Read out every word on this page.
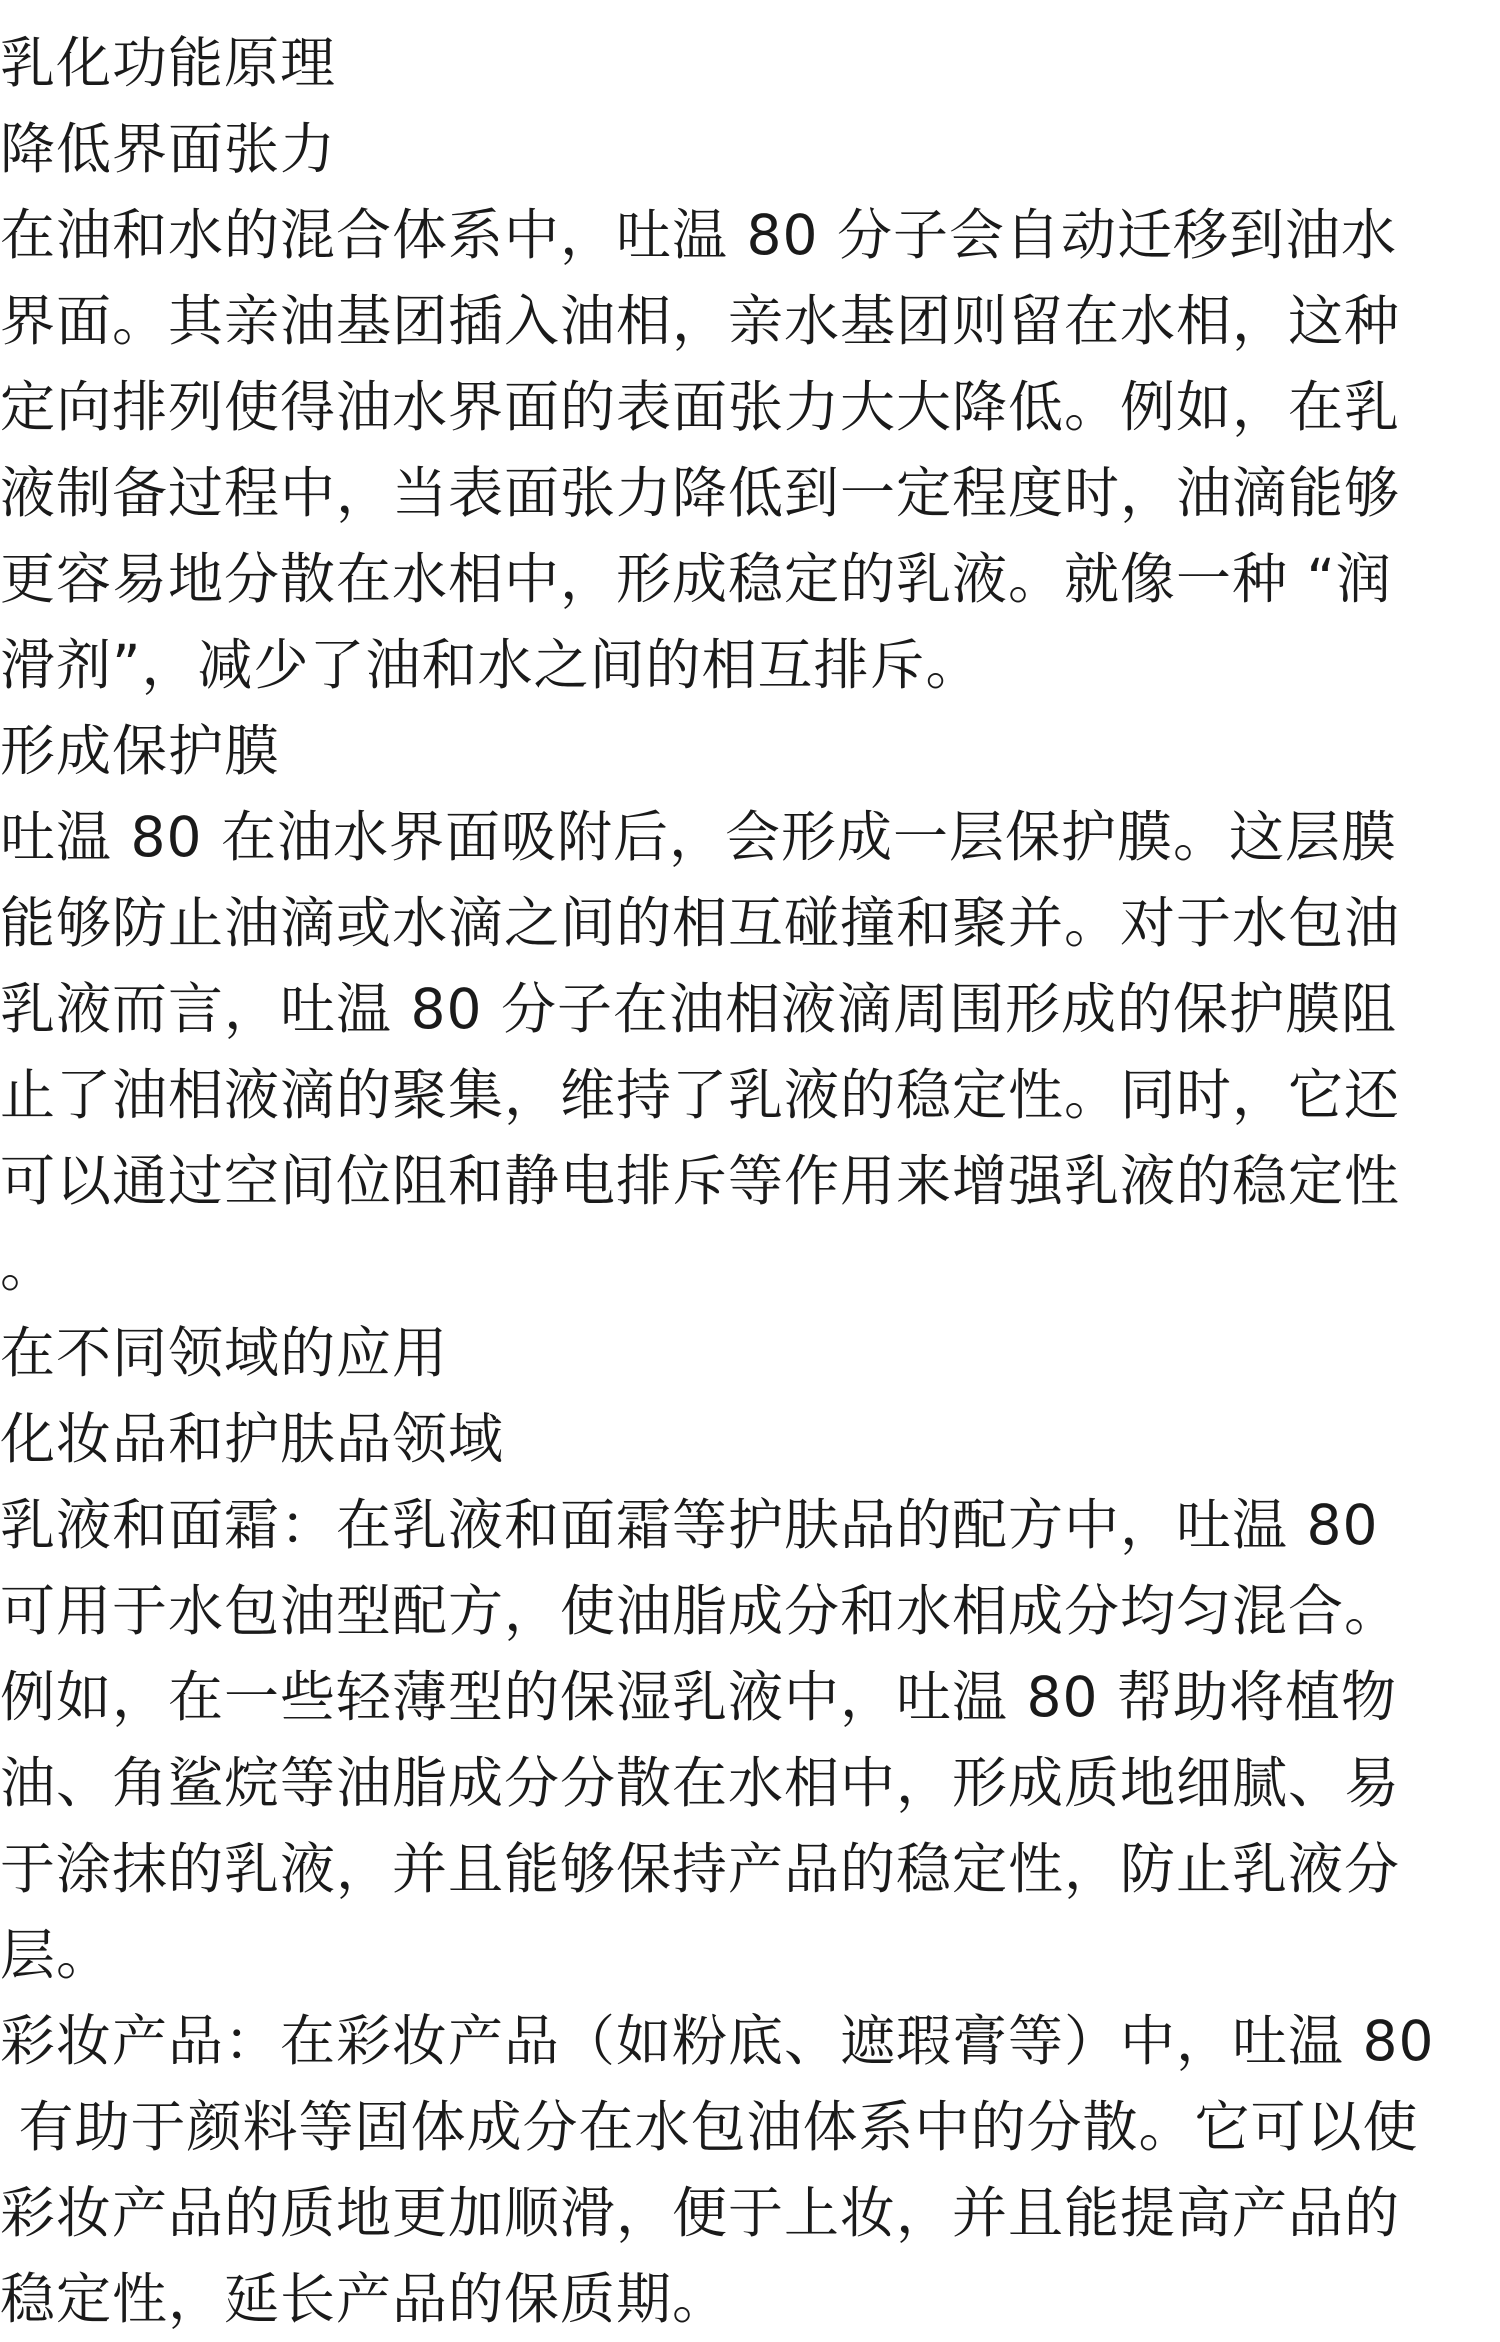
乳化功能原理
降低界面张力
在油和水的混合体系中，吐温 80 分子会自动迁移到油水
界面。其亲油基团插入油相，亲水基团则留在水相，这种
定向排列使得油水界面的表面张力大大降低。例如，在乳
液制备过程中，当表面张力降低到一定程度时，油滴能够
更容易地分散在水相中，形成稳定的乳液。就像一种 “润
滑剂”，减少了油和水之间的相互排斥。
形成保护膜
吐温 80 在油水界面吸附后，会形成一层保护膜。这层膜
能够防止油滴或水滴之间的相互碰撞和聚并。对于水包油
乳液而言，吐温 80 分子在油相液滴周围形成的保护膜阻
止了油相液滴的聚集，维持了乳液的稳定性。同时，它还
可以通过空间位阻和静电排斥等作用来增强乳液的稳定性
。
在不同领域的应用
化妆品和护肤品领域
乳液和面霜：在乳液和面霜等护肤品的配方中，吐温 80
可用于水包油型配方，使油脂成分和水相成分均匀混合。
例如，在一些轻薄型的保湿乳液中，吐温 80 帮助将植物
油、角鲨烷等油脂成分分散在水相中，形成质地细腻、易
于涂抹的乳液，并且能够保持产品的稳定性，防止乳液分
层。
彩妆产品：在彩妆产品（如粉底、遮瑕膏等）中，吐温 80
有助于颜料等固体成分在水包油体系中的分散。它可以使
彩妆产品的质地更加顺滑，便于上妆，并且能提高产品的
稳定性，延长产品的保质期。
